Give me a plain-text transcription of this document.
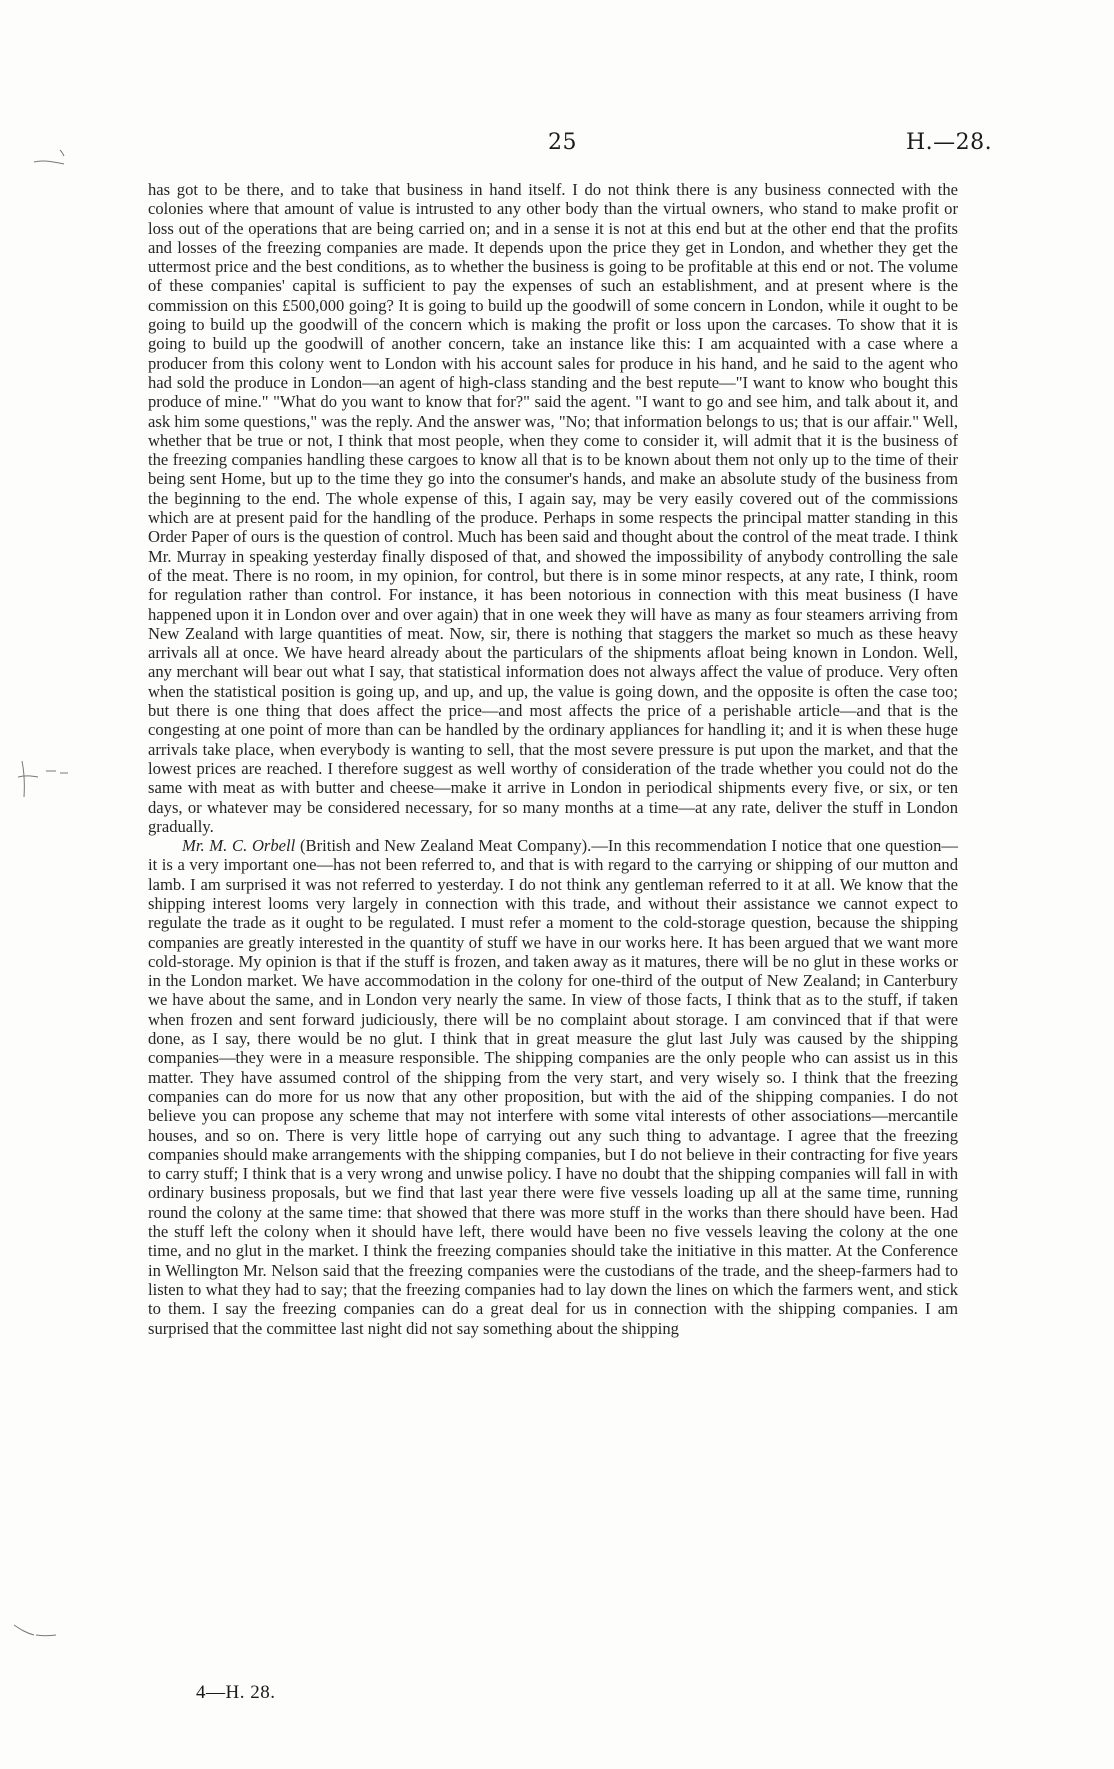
25	H.—28.

has got to be there, and to take that business in hand itself. I do not think there is any business connected with the colonies where that amount of value is intrusted to any other body than the virtual owners, who stand to make profit or loss out of the operations that are being carried on; and in a sense it is not at this end but at the other end that the profits and losses of the freezing companies are made. It depends upon the price they get in London, and whether they get the uttermost price and the best conditions, as to whether the business is going to be profitable at this end or not. The volume of these companies' capital is sufficient to pay the expenses of such an establishment, and at present where is the commission on this £500,000 going? It is going to build up the goodwill of some concern in London, while it ought to be going to build up the goodwill of the concern which is making the profit or loss upon the carcases. To show that it is going to build up the goodwill of another concern, take an instance like this: I am acquainted with a case where a producer from this colony went to London with his account sales for produce in his hand, and he said to the agent who had sold the produce in London—an agent of high-class standing and the best repute—"I want to know who bought this produce of mine." "What do you want to know that for?" said the agent. "I want to go and see him, and talk about it, and ask him some questions," was the reply. And the answer was, "No; that information belongs to us; that is our affair." Well, whether that be true or not, I think that most people, when they come to consider it, will admit that it is the business of the freezing companies handling these cargoes to know all that is to be known about them not only up to the time of their being sent Home, but up to the time they go into the consumer's hands, and make an absolute study of the business from the beginning to the end. The whole expense of this, I again say, may be very easily covered out of the commissions which are at present paid for the handling of the produce. Perhaps in some respects the principal matter standing in this Order Paper of ours is the question of control. Much has been said and thought about the control of the meat trade. I think Mr. Murray in speaking yesterday finally disposed of that, and showed the impossibility of anybody controlling the sale of the meat. There is no room, in my opinion, for control, but there is in some minor respects, at any rate, I think, room for regulation rather than control. For instance, it has been notorious in connection with this meat business (I have happened upon it in London over and over again) that in one week they will have as many as four steamers arriving from New Zealand with large quantities of meat. Now, sir, there is nothing that staggers the market so much as these heavy arrivals all at once. We have heard already about the particulars of the shipments afloat being known in London. Well, any merchant will bear out what I say, that statistical information does not always affect the value of produce. Very often when the statistical position is going up, and up, and up, the value is going down, and the opposite is often the case too; but there is one thing that does affect the price—and most affects the price of a perishable article—and that is the congesting at one point of more than can be handled by the ordinary appliances for handling it; and it is when these huge arrivals take place, when everybody is wanting to sell, that the most severe pressure is put upon the market, and that the lowest prices are reached. I therefore suggest as well worthy of consideration of the trade whether you could not do the same with meat as with butter and cheese—make it arrive in London in periodical shipments every five, or six, or ten days, or whatever may be considered necessary, for so many months at a time—at any rate, deliver the stuff in London gradually.

Mr. M. C. Orbell (British and New Zealand Meat Company).—In this recommendation I notice that one question—it is a very important one—has not been referred to, and that is with regard to the carrying or shipping of our mutton and lamb. I am surprised it was not referred to yesterday. I do not think any gentleman referred to it at all. We know that the shipping interest looms very largely in connection with this trade, and without their assistance we cannot expect to regulate the trade as it ought to be regulated. I must refer a moment to the cold-storage question, because the shipping companies are greatly interested in the quantity of stuff we have in our works here. It has been argued that we want more cold-storage. My opinion is that if the stuff is frozen, and taken away as it matures, there will be no glut in these works or in the London market. We have accommodation in the colony for one-third of the output of New Zealand; in Canterbury we have about the same, and in London very nearly the same. In view of those facts, I think that as to the stuff, if taken when frozen and sent forward judiciously, there will be no complaint about storage. I am convinced that if that were done, as I say, there would be no glut. I think that in great measure the glut last July was caused by the shipping companies—they were in a measure responsible. The shipping companies are the only people who can assist us in this matter. They have assumed control of the shipping from the very start, and very wisely so. I think that the freezing companies can do more for us now that any other proposition, but with the aid of the shipping companies. I do not believe you can propose any scheme that may not interfere with some vital interests of other associations—mercantile houses, and so on. There is very little hope of carrying out any such thing to advantage. I agree that the freezing companies should make arrangements with the shipping companies, but I do not believe in their contracting for five years to carry stuff; I think that is a very wrong and unwise policy. I have no doubt that the shipping companies will fall in with ordinary business proposals, but we find that last year there were five vessels loading up all at the same time, running round the colony at the same time: that showed that there was more stuff in the works than there should have been. Had the stuff left the colony when it should have left, there would have been no five vessels leaving the colony at the one time, and no glut in the market. I think the freezing companies should take the initiative in this matter. At the Conference in Wellington Mr. Nelson said that the freezing companies were the custodians of the trade, and the sheep-farmers had to listen to what they had to say; that the freezing companies had to lay down the lines on which the farmers went, and stick to them. I say the freezing companies can do a great deal for us in connection with the shipping companies. I am surprised that the committee last night did not say something about the shipping

4—H. 28.
